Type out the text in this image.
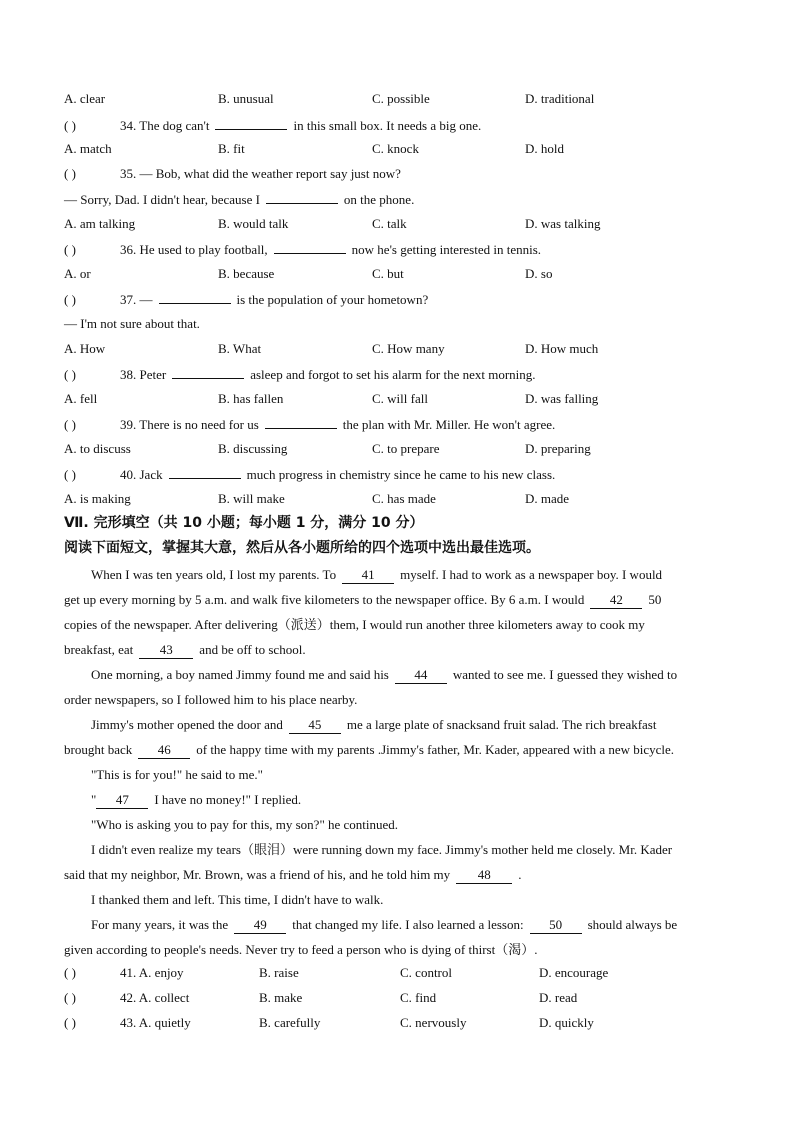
A. clear	B. unusual	C. possible	D. traditional
( )	34. The dog can't	in this small box. It needs a big one.
A. match	B. fit	C. knock	D. hold
( )	35. — Bob, what did the weather report say just now?
— Sorry, Dad. I didn't hear, because I	on the phone.
A. am talking	B. would talk	C. talk	D. was talking
( )	36. He used to play football,	now he's getting interested in tennis.
A. or	B. because	C. but	D. so
( )	37. —	is the population of your hometown?
— I'm not sure about that.
A. How	B. What	C. How many	D. How much
( )	38. Peter	asleep and forgot to set his alarm for the next morning.
A. fell	B. has fallen	C. will fall	D. was falling
( )	39. There is no need for us	the plan with Mr. Miller. He won't agree.
A. to discuss	B. discussing	C. to prepare	D. preparing
( )	40. Jack	much progress in chemistry since he came to his new class.
A. is making	B. will make	C. has made	D. made
Ⅶ. 完形填空（共 10 小题；每小题 1 分，满分 10 分）
阅读下面短文，掌握其大意，然后从各小题所给的四个选项中选出最佳选项。
When I was ten years old, I lost my parents. To 41 myself. I had to work as a newspaper boy. I would
get up every morning by 5 a.m. and walk five kilometers to the newspaper office. By 6 a.m. I would 42 50
copies of the newspaper. After delivering（派送）them, I would run another three kilometers away to cook my
breakfast, eat 43 and be off to school.
One morning, a boy named Jimmy found me and said his 44 wanted to see me. I guessed they wished to
order newspapers, so I followed him to his place nearby.
Jimmy's mother opened the door and 45 me a large plate of snacksand fruit salad. The rich breakfast
brought back 46 of the happy time with my parents .Jimmy's father, Mr. Kader, appeared with a new bicycle.
"This is for you!" he said to me."
" 47 I have no money!" I replied.
"Who is asking you to pay for this, my son?" he continued.
I didn't even realize my tears（眼泪）were running down my face. Jimmy's mother held me closely. Mr. Kader
said that my neighbor, Mr. Brown, was a friend of his, and he told him my 48 .
I thanked them and left. This time, I didn't have to walk.
For many years, it was the 49 that changed my life. I also learned a lesson: 50 should always be
given according to people's needs. Never try to feed a person who is dying of thirst（渴）.
( )	41. A. enjoy	B. raise	C. control	D. encourage
( )	42. A. collect	B. make	C. find	D. read
( )	43. A. quietly	B. carefully	C. nervously	D. quickly
